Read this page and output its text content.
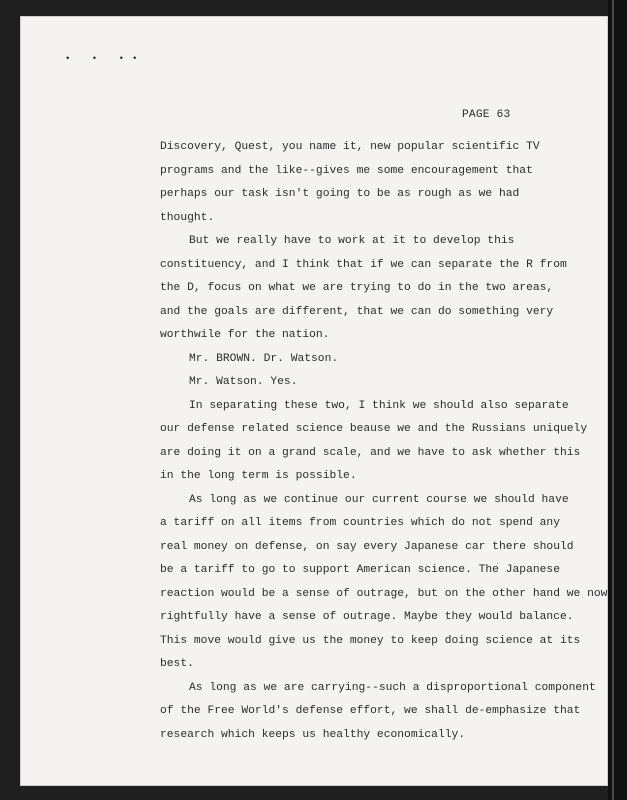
• • ••
PAGE 63
Discovery, Quest, you name it, new popular scientific TV
programs and the like--gives me some encouragement that
perhaps our task isn't going to be as rough as we had
thought.
But we really have to work at it to develop this
constituency, and I think that if we can separate the R from
the D, focus on what we are trying to do in the two areas,
and the goals are different, that we can do something very
worthwile for the nation.
Mr. BROWN. Dr. Watson.
Mr. Watson. Yes.
In separating these two, I think we should also separate
our defense related science beause we and the Russians uniquely
are doing it on a grand scale, and we have to ask whether this
in the long term is possible.
As long as we continue our current course we should have
a tariff on all items from countries which do not spend any
real money on defense, on say every Japanese car there should
be a tariff to go to support American science. The Japanese
reaction would be a sense of outrage, but on the other hand we now
rightfully have a sense of outrage. Maybe they would balance.
This move would give us the money to keep doing science at its
best.
As long as we are carrying--such a disproportional component
of the Free World's defense effort, we shall de-emphasize that
research which keeps us healthy economically.
